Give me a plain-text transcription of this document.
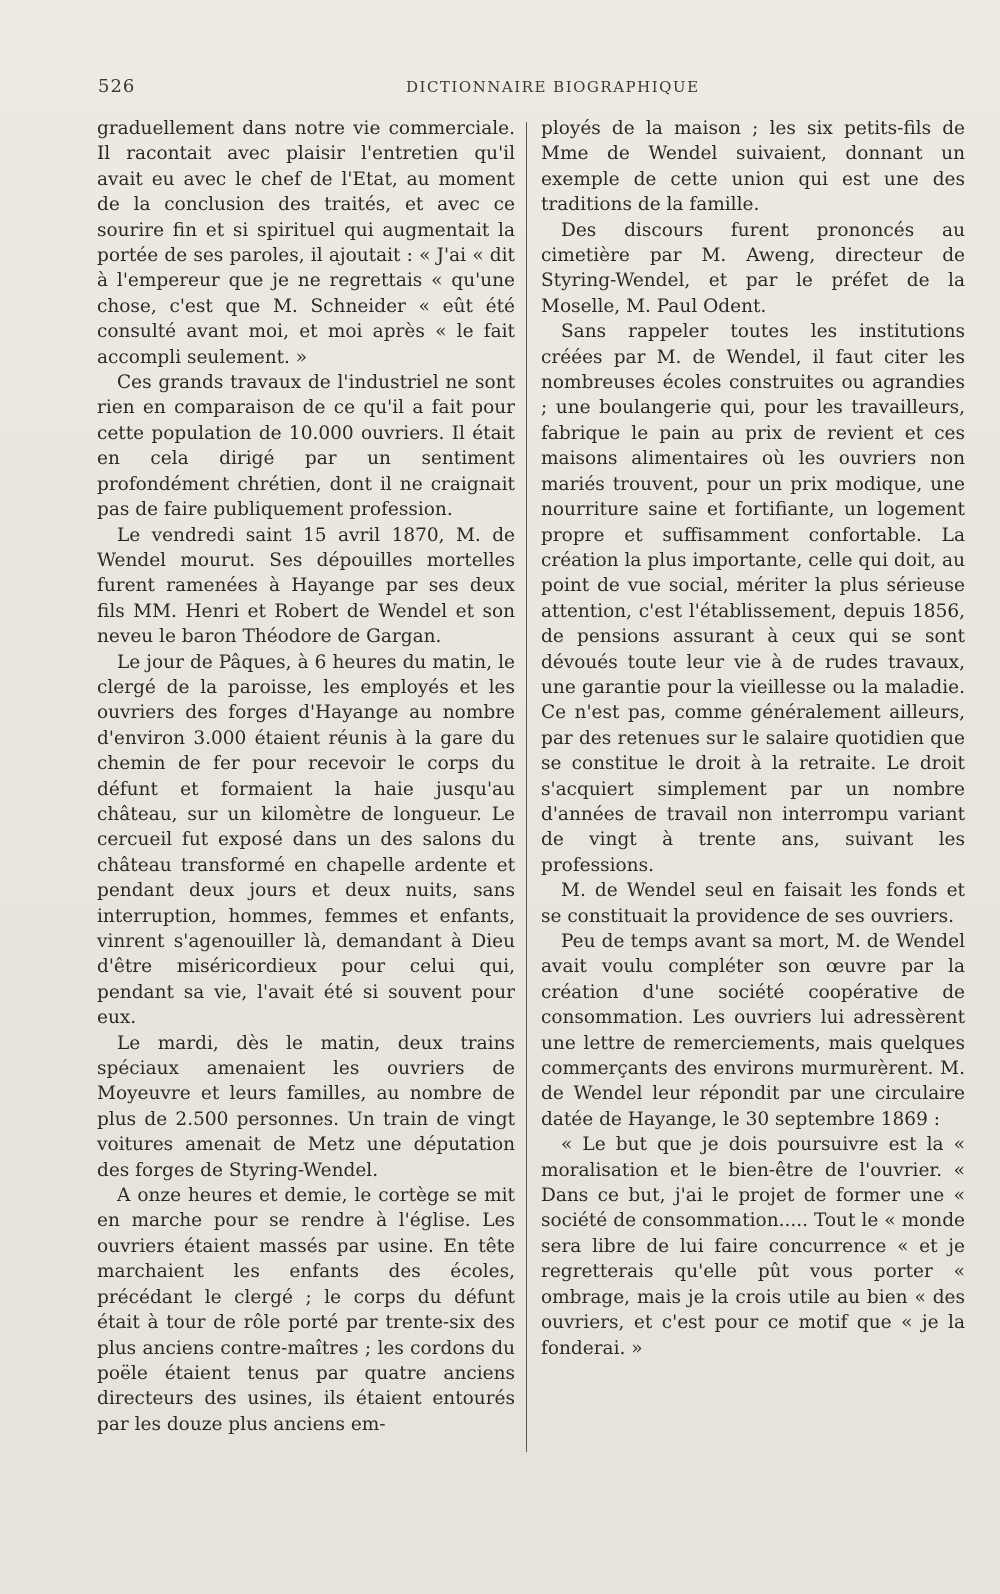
526	DICTIONNAIRE BIOGRAPHIQUE

graduellement dans notre vie commerciale. Il racontait avec plaisir l'entretien qu'il avait eu avec le chef de l'Etat, au moment de la conclusion des traités, et avec ce sourire fin et si spirituel qui augmentait la portée de ses paroles, il ajoutait : « J'ai « dit à l'empereur que je ne regrettais « qu'une chose, c'est que M. Schneider « eût été consulté avant moi, et moi après « le fait accompli seulement. »

Ces grands travaux de l'industriel ne sont rien en comparaison de ce qu'il a fait pour cette population de 10.000 ouvriers. Il était en cela dirigé par un sentiment profondément chrétien, dont il ne craignait pas de faire publiquement profession.

Le vendredi saint 15 avril 1870, M. de Wendel mourut. Ses dépouilles mortelles furent ramenées à Hayange par ses deux fils MM. Henri et Robert de Wendel et son neveu le baron Théodore de Gargan.

Le jour de Pâques, à 6 heures du matin, le clergé de la paroisse, les employés et les ouvriers des forges d'Hayange au nombre d'environ 3.000 étaient réunis à la gare du chemin de fer pour recevoir le corps du défunt et formaient la haie jusqu'au château, sur un kilomètre de longueur. Le cercueil fut exposé dans un des salons du château transformé en chapelle ardente et pendant deux jours et deux nuits, sans interruption, hommes, femmes et enfants, vinrent s'agenouiller là, demandant à Dieu d'être miséricordieux pour celui qui, pendant sa vie, l'avait été si souvent pour eux.

Le mardi, dès le matin, deux trains spéciaux amenaient les ouvriers de Moyeuvre et leurs familles, au nombre de plus de 2.500 personnes. Un train de vingt voitures amenait de Metz une députation des forges de Styring-Wendel.

A onze heures et demie, le cortège se mit en marche pour se rendre à l'église. Les ouvriers étaient massés par usine. En tête marchaient les enfants des écoles, précédant le clergé ; le corps du défunt était à tour de rôle porté par trente-six des plus anciens contre-maîtres ; les cordons du poële étaient tenus par quatre anciens directeurs des usines, ils étaient entourés par les douze plus anciens em-

ployés de la maison ; les six petits-fils de Mme de Wendel suivaient, donnant un exemple de cette union qui est une des traditions de la famille.

Des discours furent prononcés au cimetière par M. Aweng, directeur de Styring-Wendel, et par le préfet de la Moselle, M. Paul Odent.

Sans rappeler toutes les institutions créées par M. de Wendel, il faut citer les nombreuses écoles construites ou agrandies ; une boulangerie qui, pour les travailleurs, fabrique le pain au prix de revient et ces maisons alimentaires où les ouvriers non mariés trouvent, pour un prix modique, une nourriture saine et fortifiante, un logement propre et suffisamment confortable. La création la plus importante, celle qui doit, au point de vue social, mériter la plus sérieuse attention, c'est l'établissement, depuis 1856, de pensions assurant à ceux qui se sont dévoués toute leur vie à de rudes travaux, une garantie pour la vieillesse ou la maladie. Ce n'est pas, comme généralement ailleurs, par des retenues sur le salaire quotidien que se constitue le droit à la retraite. Le droit s'acquiert simplement par un nombre d'années de travail non interrompu variant de vingt à trente ans, suivant les professions.

M. de Wendel seul en faisait les fonds et se constituait la providence de ses ouvriers.

Peu de temps avant sa mort, M. de Wendel avait voulu compléter son œuvre par la création d'une société coopérative de consommation. Les ouvriers lui adressèrent une lettre de remerciements, mais quelques commerçants des environs murmurèrent. M. de Wendel leur répondit par une circulaire datée de Hayange, le 30 septembre 1869 :

« Le but que je dois poursuivre est la « moralisation et le bien-être de l'ouvrier. « Dans ce but, j'ai le projet de former une « société de consommation..... Tout le « monde sera libre de lui faire concurrence « et je regretterais qu'elle pût vous porter « ombrage, mais je la crois utile au bien « des ouvriers, et c'est pour ce motif que « je la fonderai. »
